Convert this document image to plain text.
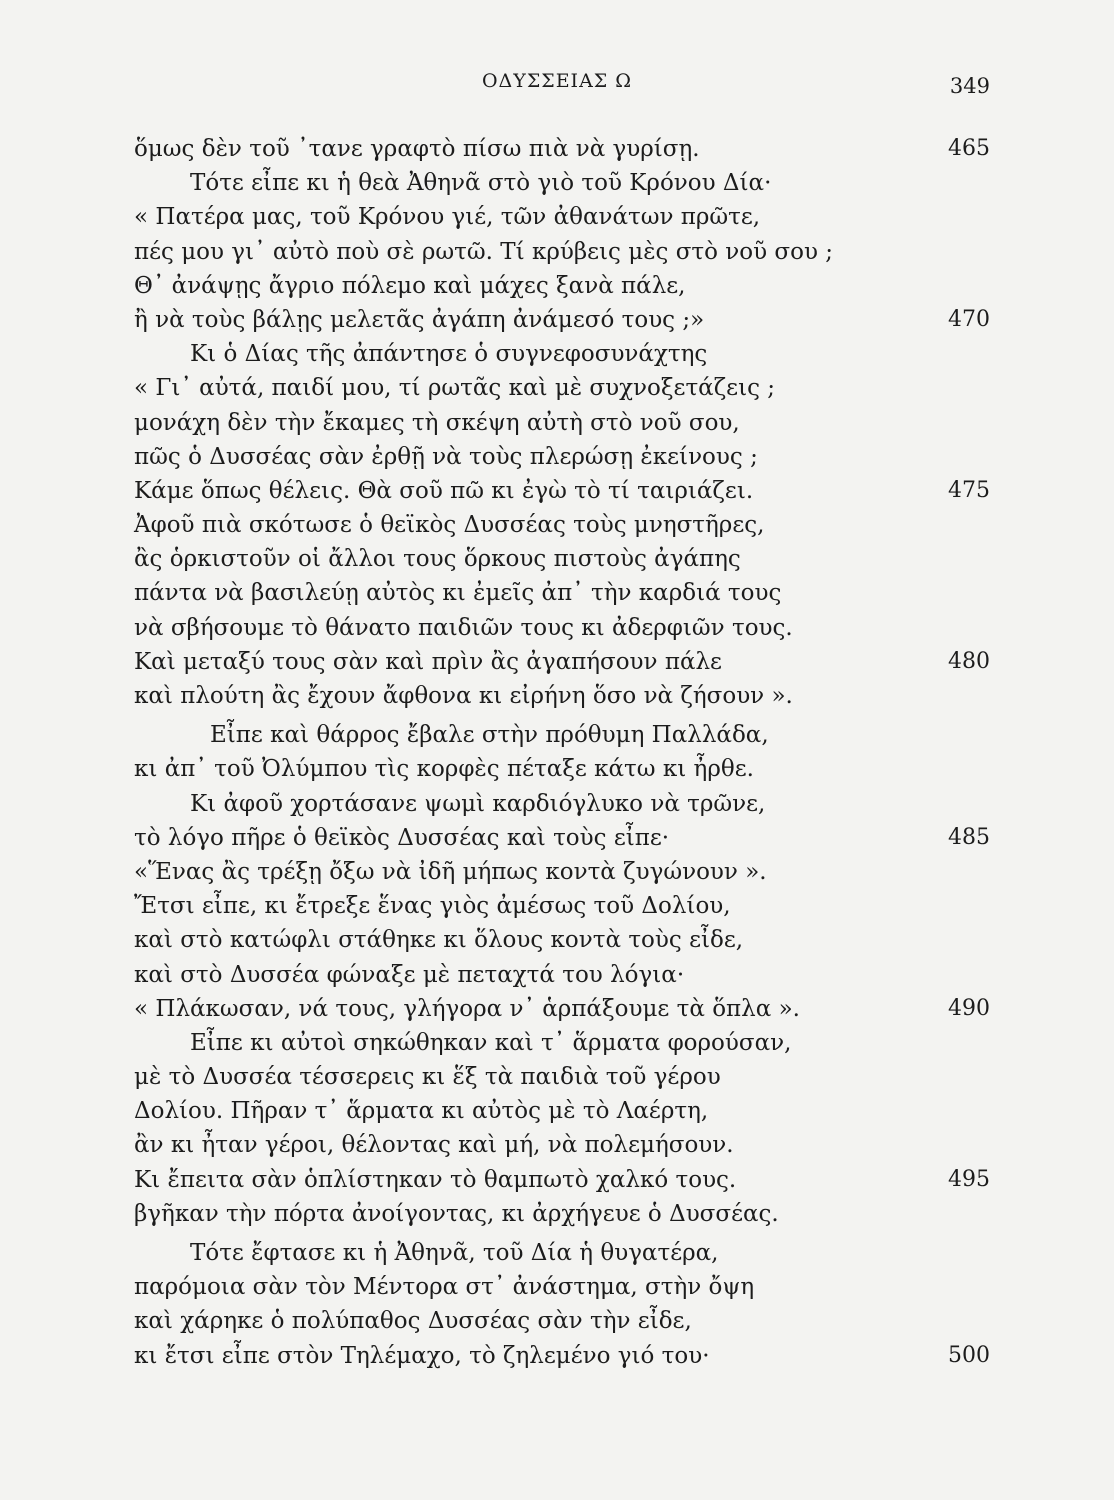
ΟΔΥΣΣΕΙΑΣ Ω	349
ὅμως δὲν τοῦ ᾿τανε γραφτὸ πίσω πιὰ νὰ γυρίσῃ.	465
Τότε εἶπε κι ἡ θεὰ Ἀθηνᾶ στὸ γιὸ τοῦ Κρόνου Δία·
« Πατέρα μας, τοῦ Κρόνου γιέ, τῶν ἀθανάτων πρῶτε,
πές μου γι᾿ αὐτὸ ποὺ σὲ ρωτῶ. Τί κρύβεις μὲς στὸ νοῦ σου ;
Θ᾿ ἀνάψῃς ἄγριο πόλεμο καὶ μάχες ξανὰ πάλε,
ἢ νὰ τοὺς βάλῃς μελετᾶς ἀγάπη ἀνάμεσό τους ;»	470
Κι ὁ Δίας τῆς ἀπάντησε ὁ συγνεφοσυνάχτης
« Γι᾿ αὐτά, παιδί μου, τί ρωτᾶς καὶ μὲ συχνοξετάζεις ;
μονάχη δὲν τὴν ἔκαμες τὴ σκέψη αὐτὴ στὸ νοῦ σου,
πῶς ὁ Δυσσέας σὰν ἐρθῇ νὰ τοὺς πλερώσῃ ἐκείνους ;
Κάμε ὅπως θέλεις. Θὰ σοῦ πῶ κι ἐγὼ τὸ τί ταιριάζει.	475
Ἀφοῦ πιὰ σκότωσε ὁ θεϊκὸς Δυσσέας τοὺς μνηστῆρες,
ἂς ὁρκιστοῦν οἱ ἄλλοι τους ὅρκους πιστοὺς ἀγάπης
πάντα νὰ βασιλεύῃ αὐτὸς κι ἐμεῖς ἀπ᾿ τὴν καρδιά τους
νὰ σβήσουμε τὸ θάνατο παιδιῶν τους κι ἀδερφιῶν τους.
Καὶ μεταξύ τους σὰν καὶ πρὶν ἂς ἀγαπήσουν πάλε	480
καὶ πλούτη ἂς ἔχουν ἄφθονα κι εἰρήνη ὅσο νὰ ζήσουν ».
Εἶπε καὶ θάρρος ἔβαλε στὴν πρόθυμη Παλλάδα,
κι ἀπ᾿ τοῦ Ὀλύμπου τὶς κορφὲς πέταξε κάτω κι ἦρθε.
Κι ἀφοῦ χορτάσανε ψωμὶ καρδιόγλυκο νὰ τρῶνε,
τὸ λόγο πῆρε ὁ θεϊκὸς Δυσσέας καὶ τοὺς εἶπε·	485
«Ἕνας ἂς τρέξῃ ὄξω νὰ ἰδῆ μήπως κοντὰ ζυγώνουν ».
Ἔτσι εἶπε, κι ἔτρεξε ἕνας γιὸς ἀμέσως τοῦ Δολίου,
καὶ στὸ κατώφλι στάθηκε κι ὅλους κοντὰ τοὺς εἶδε,
καὶ στὸ Δυσσέα φώναξε μὲ πεταχτά του λόγια·
« Πλάκωσαν, νά τους, γλήγορα ν᾿ ἁρπάξουμε τὰ ὅπλα ».	490
Εἶπε κι αὐτοὶ σηκώθηκαν καὶ τ᾿ ἅρματα φορούσαν,
μὲ τὸ Δυσσέα τέσσερεις κι ἕξ τὰ παιδιὰ τοῦ γέρου
Δολίου. Πῆραν τ᾿ ἅρματα κι αὐτὸς μὲ τὸ Λαέρτη,
ἂν κι ἦταν γέροι, θέλοντας καὶ μή, νὰ πολεμήσουν.
Κι ἔπειτα σὰν ὁπλίστηκαν τὸ θαμπωτὸ χαλκό τους.	495
βγῆκαν τὴν πόρτα ἀνοίγοντας, κι ἀρχήγευε ὁ Δυσσέας.
Τότε ἔφτασε κι ἡ Ἀθηνᾶ, τοῦ Δία ἡ θυγατέρα,
παρόμοια σὰν τὸν Μέντορα στ᾿ ἀνάστημα, στὴν ὄψη
καὶ χάρηκε ὁ πολύπαθος Δυσσέας σὰν τὴν εἶδε,
κι ἔτσι εἶπε στὸν Τηλέμαχο, τὸ ζηλεμένο γιό του·	500
